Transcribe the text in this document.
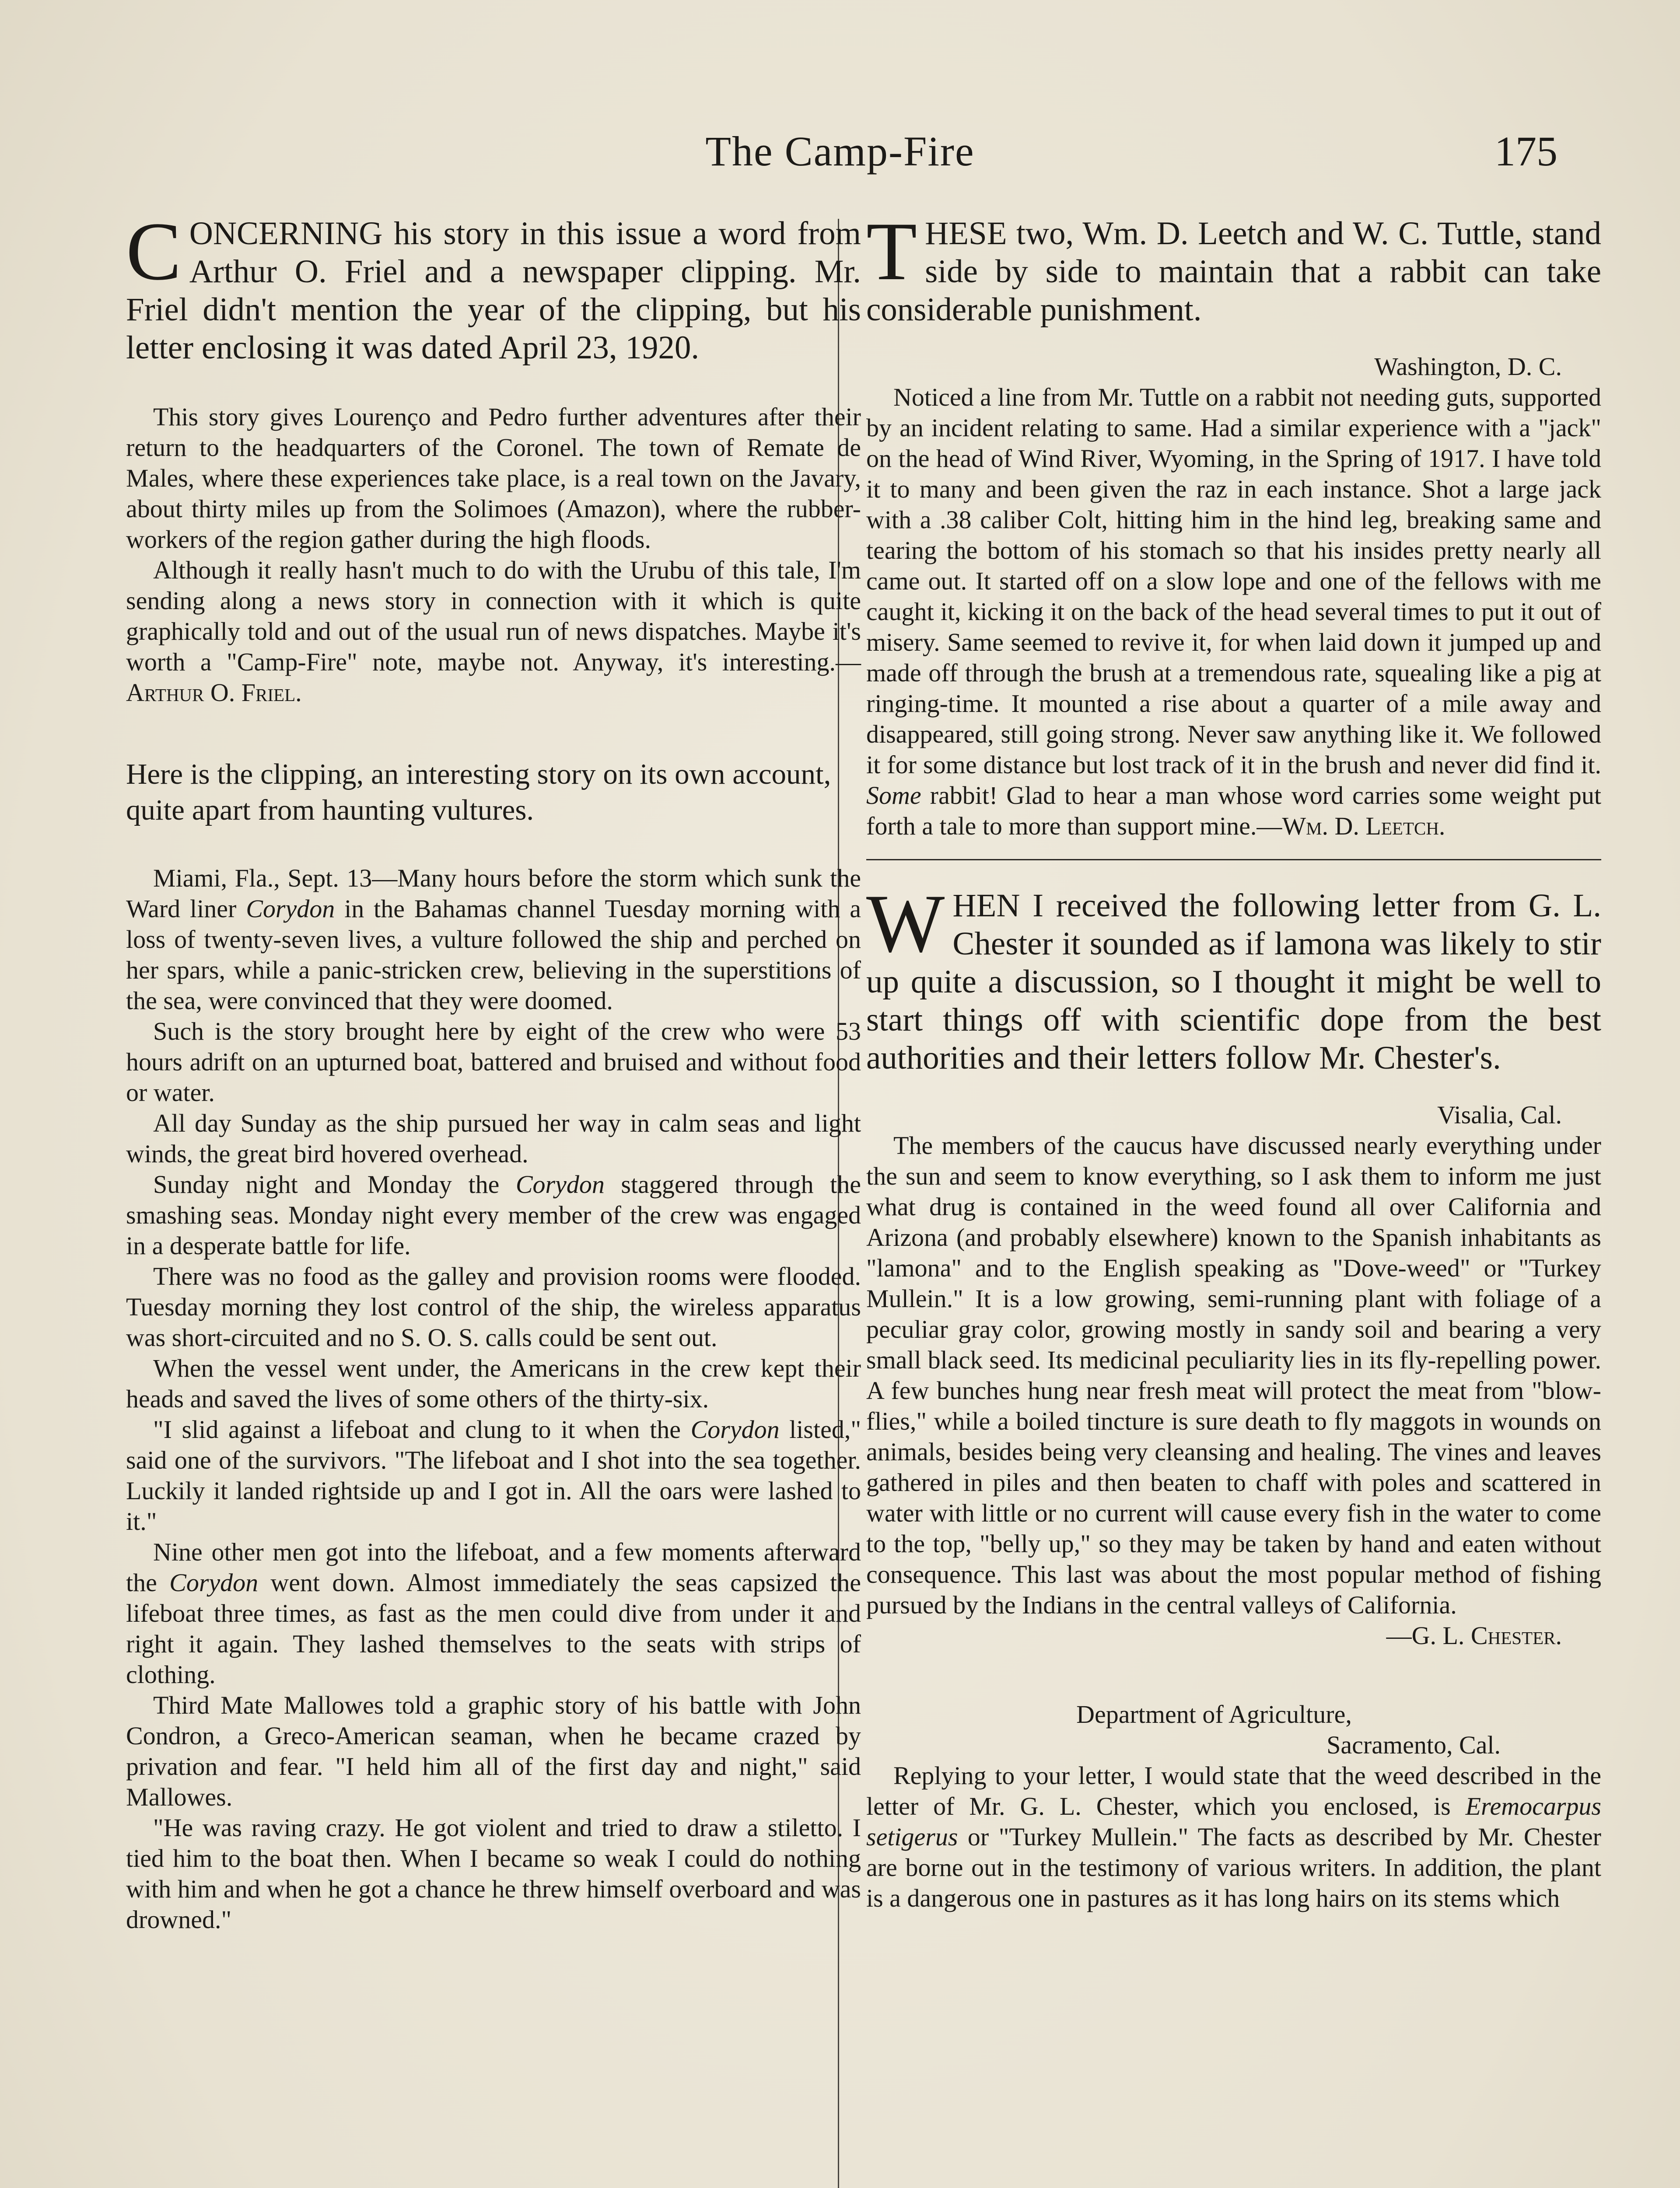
The Camp-Fire	175

CONCERNING his story in this issue a word from Arthur O. Friel and a newspaper clipping. Mr. Friel didn't mention the year of the clipping, but his letter enclosing it was dated April 23, 1920.

This story gives Lourenço and Pedro further adventures after their return to the headquarters of the Coronel. The town of Remate de Males, where these experiences take place, is a real town on the Javary, about thirty miles up from the Solimoes (Amazon), where the rubber-workers of the region gather during the high floods.

Although it really hasn't much to do with the Urubu of this tale, I'm sending along a news story in connection with it which is quite graphically told and out of the usual run of news dispatches. Maybe it's worth a "Camp-Fire" note, maybe not. Anyway, it's interesting.—Arthur O. Friel.

Here is the clipping, an interesting story on its own account, quite apart from haunting vultures.

Miami, Fla., Sept. 13—Many hours before the storm which sunk the Ward liner Corydon in the Bahamas channel Tuesday morning with a loss of twenty-seven lives, a vulture followed the ship and perched on her spars, while a panic-stricken crew, believing in the superstitions of the sea, were convinced that they were doomed.

Such is the story brought here by eight of the crew who were 53 hours adrift on an upturned boat, battered and bruised and without food or water.

All day Sunday as the ship pursued her way in calm seas and light winds, the great bird hovered overhead.

Sunday night and Monday the Corydon staggered through the smashing seas. Monday night every member of the crew was engaged in a desperate battle for life.

There was no food as the galley and provision rooms were flooded. Tuesday morning they lost control of the ship, the wireless apparatus was short-circuited and no S. O. S. calls could be sent out.

When the vessel went under, the Americans in the crew kept their heads and saved the lives of some others of the thirty-six.

"I slid against a lifeboat and clung to it when the Corydon listed," said one of the survivors. "The lifeboat and I shot into the sea together. Luckily it landed rightside up and I got in. All the oars were lashed to it."

Nine other men got into the lifeboat, and a few moments afterward the Corydon went down. Almost immediately the seas capsized the lifeboat three times, as fast as the men could dive from under it and right it again. They lashed themselves to the seats with strips of clothing.

Third Mate Mallowes told a graphic story of his battle with John Condron, a Greco-American seaman, when he became crazed by privation and fear. "I held him all of the first day and night," said Mallowes.

"He was raving crazy. He got violent and tried to draw a stiletto. I tied him to the boat then. When I became so weak I could do nothing with him and when he got a chance he threw himself overboard and was drowned."

THESE two, Wm. D. Leetch and W. C. Tuttle, stand side by side to maintain that a rabbit can take considerable punishment.

Washington, D. C.

Noticed a line from Mr. Tuttle on a rabbit not needing guts, supported by an incident relating to same. Had a similar experience with a "jack" on the head of Wind River, Wyoming, in the Spring of 1917. I have told it to many and been given the raz in each instance. Shot a large jack with a .38 caliber Colt, hitting him in the hind leg, breaking same and tearing the bottom of his stomach so that his insides pretty nearly all came out. It started off on a slow lope and one of the fellows with me caught it, kicking it on the back of the head several times to put it out of misery. Same seemed to revive it, for when laid down it jumped up and made off through the brush at a tremendous rate, squealing like a pig at ringing-time. It mounted a rise about a quarter of a mile away and disappeared, still going strong. Never saw anything like it. We followed it for some distance but lost track of it in the brush and never did find it. Some rabbit! Glad to hear a man whose word carries some weight put forth a tale to more than support mine.—Wm. D. Leetch.

WHEN I received the following letter from G. L. Chester it sounded as if lamona was likely to stir up quite a discussion, so I thought it might be well to start things off with scientific dope from the best authorities and their letters follow Mr. Chester's.

Visalia, Cal.

The members of the caucus have discussed nearly everything under the sun and seem to know everything, so I ask them to inform me just what drug is contained in the weed found all over California and Arizona (and probably elsewhere) known to the Spanish inhabitants as "lamona" and to the English speaking as "Dove-weed" or "Turkey Mullein." It is a low growing, semi-running plant with foliage of a peculiar gray color, growing mostly in sandy soil and bearing a very small black seed. Its medicinal peculiarity lies in its fly-repelling power. A few bunches hung near fresh meat will protect the meat from "blow-flies," while a boiled tincture is sure death to fly maggots in wounds on animals, besides being very cleansing and healing. The vines and leaves gathered in piles and then beaten to chaff with poles and scattered in water with little or no current will cause every fish in the water to come to the top, "belly up," so they may be taken by hand and eaten without consequence. This last was about the most popular method of fishing pursued by the Indians in the central valleys of California.

—G. L. Chester.

Department of Agriculture,

Sacramento, Cal.

Replying to your letter, I would state that the weed described in the letter of Mr. G. L. Chester, which you enclosed, is Eremocarpus setigerus or "Turkey Mullein." The facts as described by Mr. Chester are borne out in the testimony of various writers. In addition, the plant is a dangerous one in pastures as it has long hairs on its stems which
